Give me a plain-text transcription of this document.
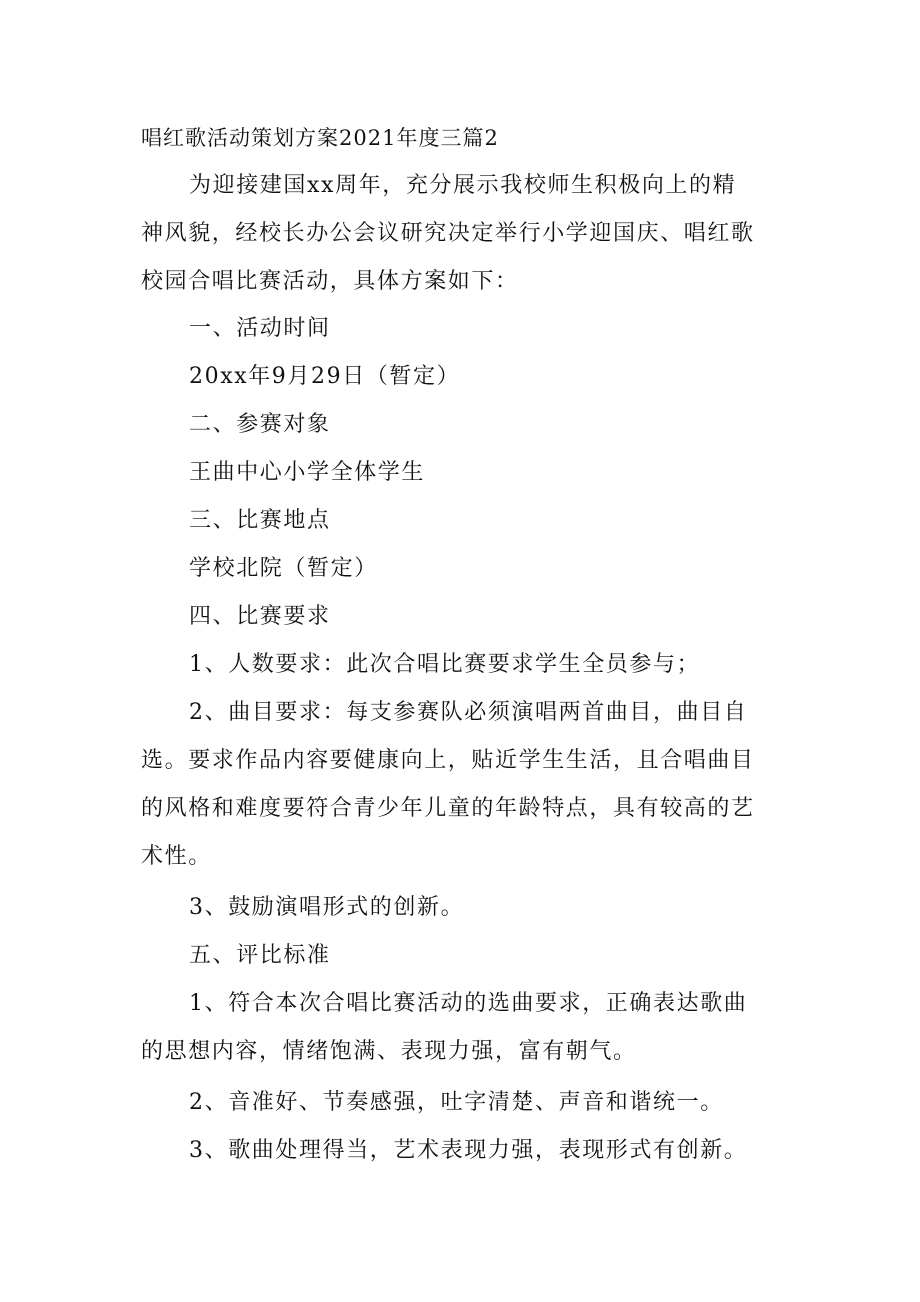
唱红歌活动策划方案2021年度三篇2

为迎接建国xx周年，充分展示我校师生积极向上的精

神风貌，经校长办公会议研究决定举行小学迎国庆、唱红歌

校园合唱比赛活动，具体方案如下：

一、活动时间

20xx年9月29日（暂定）

二、参赛对象

王曲中心小学全体学生

三、比赛地点

学校北院（暂定）

四、比赛要求

1、人数要求：此次合唱比赛要求学生全员参与；

2、曲目要求：每支参赛队必须演唱两首曲目，曲目自

选。要求作品内容要健康向上，贴近学生生活，且合唱曲目

的风格和难度要符合青少年儿童的年龄特点，具有较高的艺

术性。

3、鼓励演唱形式的创新。

五、评比标准

1、符合本次合唱比赛活动的选曲要求，正确表达歌曲

的思想内容，情绪饱满、表现力强，富有朝气。

2、音准好、节奏感强，吐字清楚、声音和谐统一。

3、歌曲处理得当，艺术表现力强，表现形式有创新。
